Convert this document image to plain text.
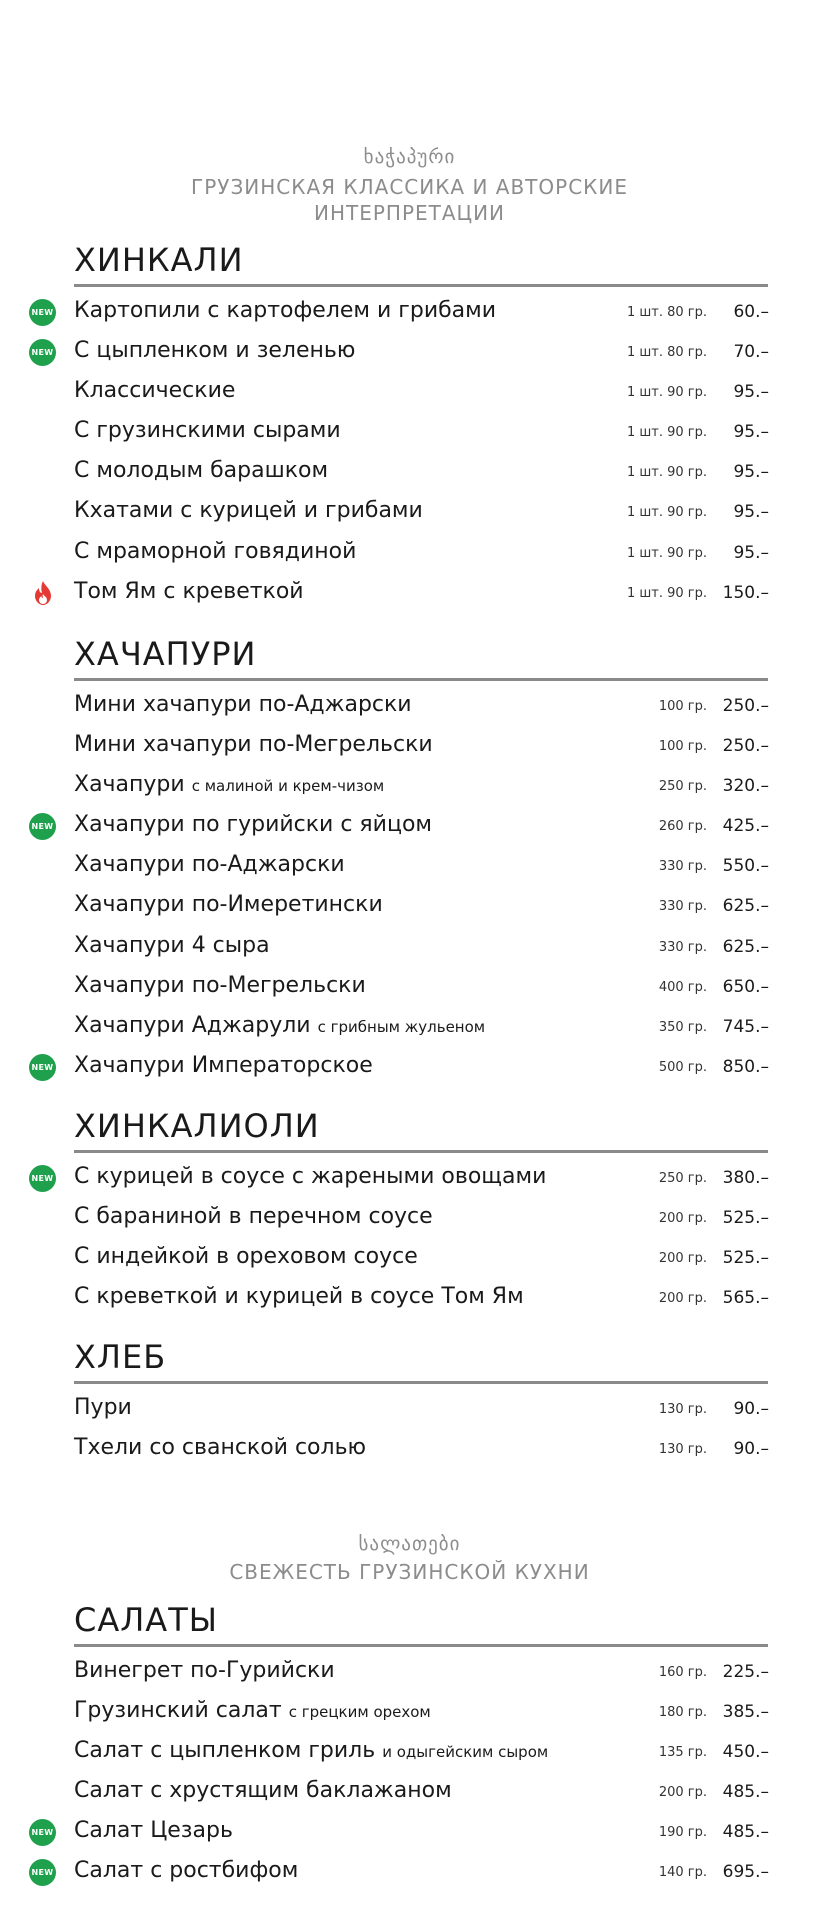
ხაჭაპური
ГРУЗИНСКАЯ КЛАССИКА И АВТОРСКИЕ
ИНТЕРПРЕТАЦИИ
სალათები
СВЕЖЕСТЬ ГРУЗИНСКОЙ КУХНИ
ХИНКАЛИ
NEW Картопили с картофелем и грибами	1 шт. 80 гр.	60.–
NEW С цыпленком и зеленью	1 шт. 80 гр.	70.–
Классические	1 шт. 90 гр.	95.–
С грузинскими сырами	1 шт. 90 гр.	95.–
С молодым барашком	1 шт. 90 гр.	95.–
Кхатами с курицей и грибами	1 шт. 90 гр.	95.–
С мраморной говядиной	1 шт. 90 гр.	95.–
Том Ям с креветкой	1 шт. 90 гр. 150.–
ХАЧАПУРИ
Мини хачапури по-Аджарски	100 гр. 250.–
Мини хачапури по-Мегрельски	100 гр. 250.–
Хачапури с малиной и крем-чизом	250 гр. 320.–
NEW Хачапури по гурийски с яйцом	260 гр. 425.–
Хачапури по-Аджарски	330 гр. 550.–
Хачапури по-Имеретински	330 гр. 625.–
Хачапури 4 сыра	330 гр. 625.–
Хачапури по-Мегрельски	400 гр. 650.–
Хачапури Аджарули с грибным жульеном	350 гр. 745.–
NEW Хачапури Императорское	500 гр. 850.–
ХИНКАЛИОЛИ
NEW С курицей в соусе с жареными овощами	250 гр. 380.–
С бараниной в перечном соусе	200 гр. 525.–
С индейкой в ореховом соусе	200 гр. 525.–
С креветкой и курицей в соусе Том Ям	200 гр. 565.–
ХЛЕБ
Пури	130 гр.	90.–
Тхели со сванской солью	130 гр.	90.–
САЛАТЫ
Винегрет по-Гурийски	160 гр. 225.–
Грузинский салат с грецким орехом	180 гр. 385.–
Салат с цыпленком гриль и одыгейским сыром	135 гр. 450.–
Салат с хрустящим баклажаном	200 гр. 485.–
NEW Салат Цезарь	190 гр. 485.–
NEW Салат с ростбифом	140 гр. 695.–
